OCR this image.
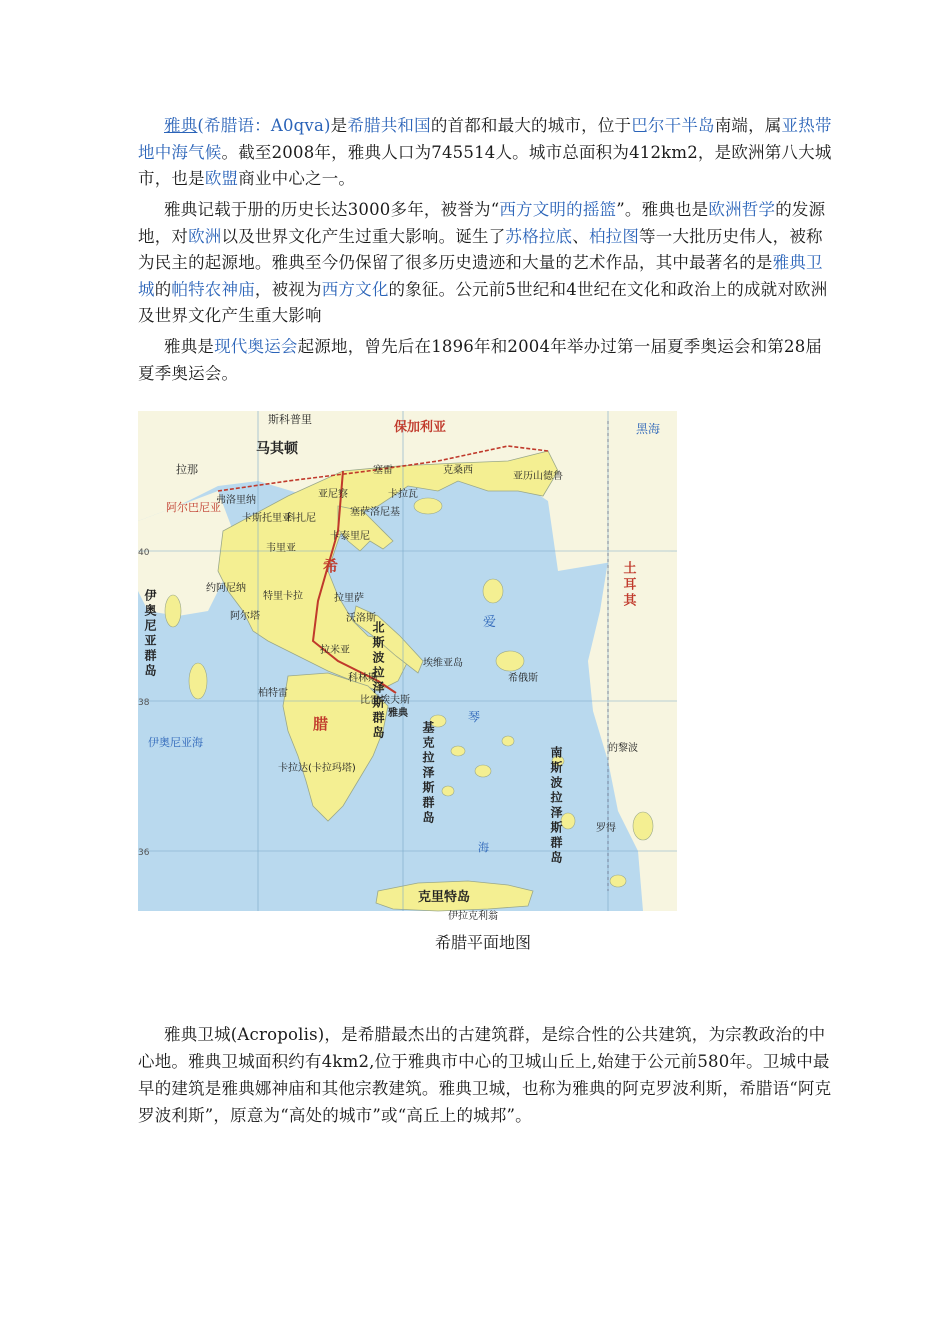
雅典(希腊语：Α0qva)是希腊共和国的首都和最大的城市，位于巴尔干半岛南端，属亚热带地中海气候。截至2008年，雅典人口为745514人。城市总面积为412km2，是欧洲第八大城市，也是欧盟商业中心之一。

雅典记载于册的历史长达3000多年，被誉为“西方文明的摇篮”。雅典也是欧洲哲学的发源地，对欧洲以及世界文化产生过重大影响。诞生了苏格拉底、柏拉图等一大批历史伟人，被称为民主的起源地。雅典至今仍保留了很多历史遗迹和大量的艺术作品，其中最著名的是雅典卫城的帕特农神庙，被视为西方文化的象征。公元前5世纪和4世纪在文化和政治上的成就对欧洲及世界文化产生重大影响

雅典是现代奥运会起源地，曾先后在1896年和2004年举办过第一届夏季奥运会和第28届夏季奥运会。

斯科普里
马其顿
保加利亚	黑海
拉那
阿尔巴尼亚
塞雷	克桑西
亚历山德鲁
卡拉瓦
亚尼察
塞萨洛尼基
卡泰里尼
科扎尼
韦里亚
卡斯托里亚
弗洛里纳
希
拉里萨
沃洛斯
约阿尼纳
特里卡拉
阿尔塔
拉米亚 北斯波拉泽斯群岛	爱
伊奥尼亚群岛
土耳其
埃维亚岛
希俄斯
柏特雷
科林斯
雅典
比雷埃夫斯
腊	琴
伊奥尼亚海	基克拉泽斯群岛	南斯波拉泽斯群岛	罗得
的黎波
卡拉达(卡拉玛塔)
海
克里特岛
伊拉克利翁
36
38
40
希腊平面地图

雅典卫城(Acropolis)，是希腊最杰出的古建筑群，是综合性的公共建筑，为宗教政治的中心地。雅典卫城面积约有4km2,位于雅典市中心的卫城山丘上,始建于公元前580年。卫城中最早的建筑是雅典娜神庙和其他宗教建筑。雅典卫城，也称为雅典的阿克罗波利斯，希腊语“阿克罗波利斯”，原意为“高处的城市”或“高丘上的城邦”。
